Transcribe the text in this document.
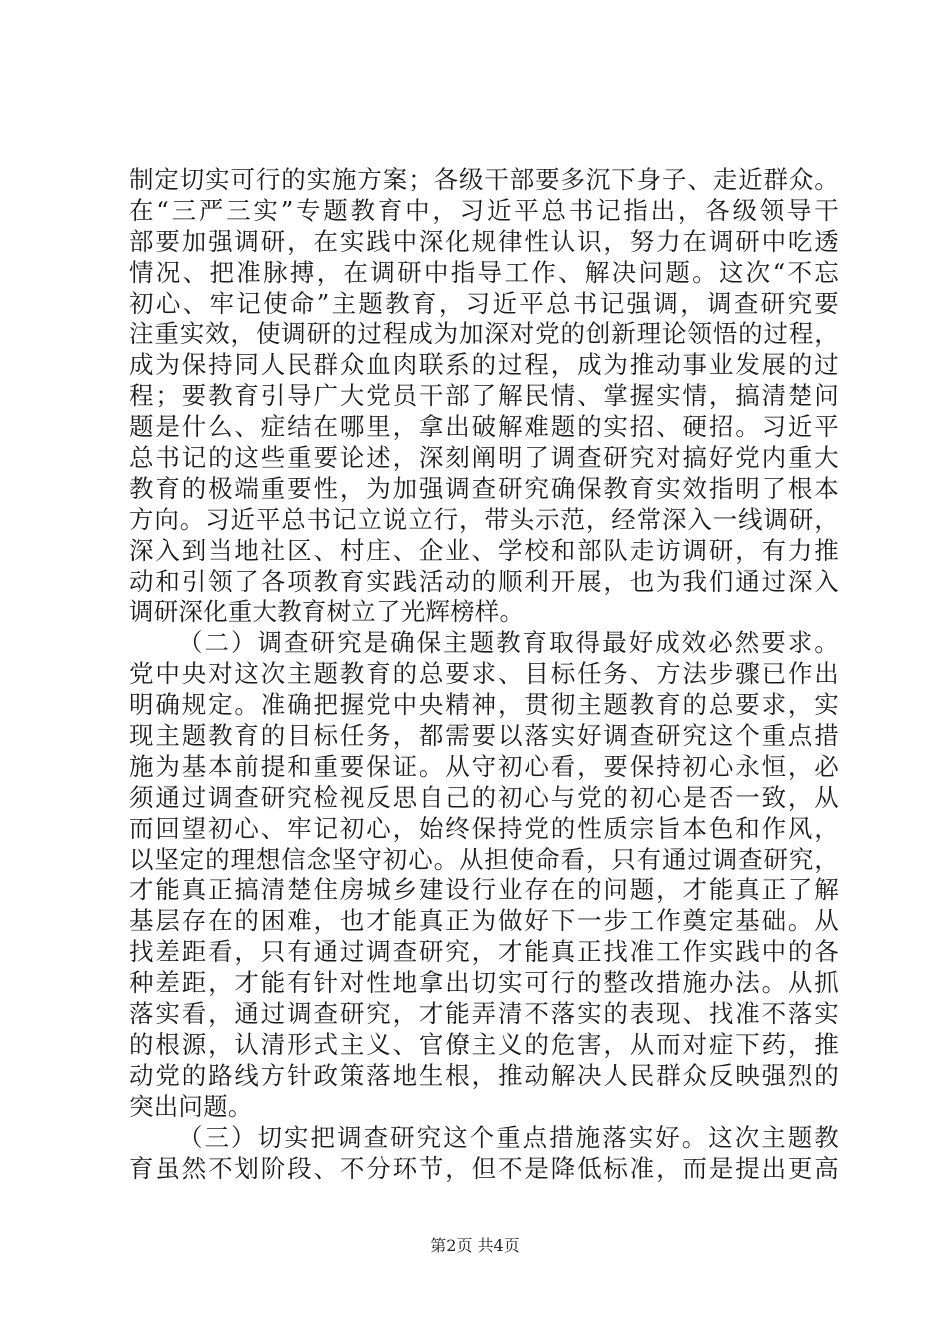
制定切实可行的实施方案；各级干部要多沉下身子、走近群众。
在“三严三实”专题教育中，习近平总书记指出，各级领导干
部要加强调研，在实践中深化规律性认识，努力在调研中吃透
情况、把准脉搏，在调研中指导工作、解决问题。这次“不忘
初心、牢记使命”主题教育，习近平总书记强调，调查研究要
注重实效，使调研的过程成为加深对党的创新理论领悟的过程，
成为保持同人民群众血肉联系的过程，成为推动事业发展的过
程；要教育引导广大党员干部了解民情、掌握实情，搞清楚问
题是什么、症结在哪里，拿出破解难题的实招、硬招。习近平
总书记的这些重要论述，深刻阐明了调查研究对搞好党内重大
教育的极端重要性，为加强调查研究确保教育实效指明了根本
方向。习近平总书记立说立行，带头示范，经常深入一线调研，
深入到当地社区、村庄、企业、学校和部队走访调研，有力推
动和引领了各项教育实践活动的顺利开展，也为我们通过深入
调研深化重大教育树立了光辉榜样。
（二）调查研究是确保主题教育取得最好成效必然要求。
党中央对这次主题教育的总要求、目标任务、方法步骤已作出
明确规定。准确把握党中央精神，贯彻主题教育的总要求，实
现主题教育的目标任务，都需要以落实好调查研究这个重点措
施为基本前提和重要保证。从守初心看，要保持初心永恒，必
须通过调查研究检视反思自己的初心与党的初心是否一致，从
而回望初心、牢记初心，始终保持党的性质宗旨本色和作风，
以坚定的理想信念坚守初心。从担使命看，只有通过调查研究，
才能真正搞清楚住房城乡建设行业存在的问题，才能真正了解
基层存在的困难，也才能真正为做好下一步工作奠定基础。从
找差距看，只有通过调查研究，才能真正找准工作实践中的各
种差距，才能有针对性地拿出切实可行的整改措施办法。从抓
落实看，通过调查研究，才能弄清不落实的表现、找准不落实
的根源，认清形式主义、官僚主义的危害，从而对症下药，推
动党的路线方针政策落地生根，推动解决人民群众反映强烈的
突出问题。
（三）切实把调查研究这个重点措施落实好。这次主题教
育虽然不划阶段、不分环节，但不是降低标准，而是提出更高
第2页 共4页
